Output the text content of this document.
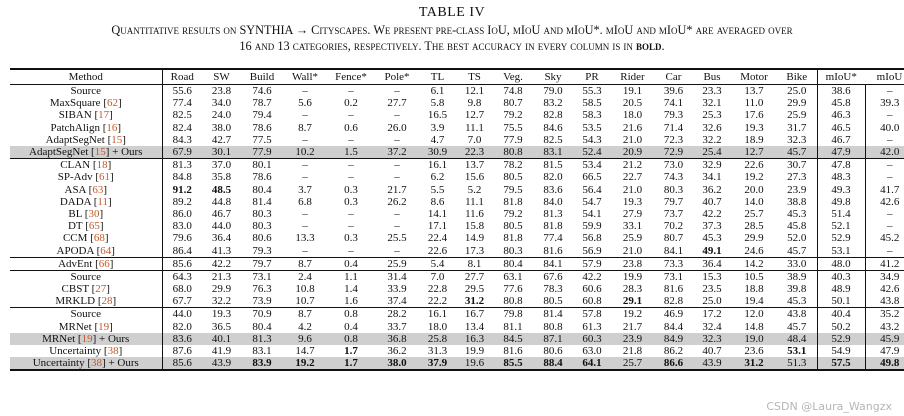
TABLE IV
Quantitative results on SYNTHIA → Cityscapes. We present pre-class IoU, mIoU and mIoU*. mIoU and mIoU* are averaged over
16 and 13 categories, respectively. The best accuracy in every column is in bold.
Method	Road	SW	Build	Wall*	Fence*	Pole*	TL	TS	Veg.	Sky	PR	Rider	Car	Bus	Motor	Bike	mIoU*	mIoU
Source	55.6	23.8	74.6	–	–	–	6.1	12.1	74.8	79.0	55.3	19.1	39.6	23.3	13.7	25.0	38.6	–
MaxSquare [62]	77.4	34.0	78.7	5.6	0.2	27.7	5.8	9.8	80.7	83.2	58.5	20.5	74.1	32.1	11.0	29.9	45.8	39.3
SIBAN [17]	82.5	24.0	79.4	–	–	–	16.5	12.7	79.2	82.8	58.3	18.0	79.3	25.3	17.6	25.9	46.3	–
PatchAlign [16]	82.4	38.0	78.6	8.7	0.6	26.0	3.9	11.1	75.5	84.6	53.5	21.6	71.4	32.6	19.3	31.7	46.5	40.0
AdaptSegNet [15]	84.3	42.7	77.5	–	–	–	4.7	7.0	77.9	82.5	54.3	21.0	72.3	32.2	18.9	32.3	46.7	–
AdaptSegNet [15] + Ours	67.9	30.1	77.9	10.2	1.5	37.2	30.9	22.3	80.8	83.1	52.4	20.9	72.9	25.4	12.7	45.7	47.9	42.0
CLAN [18]	81.3	37.0	80.1	–	–	–	16.1	13.7	78.2	81.5	53.4	21.2	73.0	32.9	22.6	30.7	47.8	–
SP-Adv [61]	84.8	35.8	78.6	–	–	–	6.2	15.6	80.5	82.0	66.5	22.7	74.3	34.1	19.2	27.3	48.3	–
ASA [63]	91.2	48.5	80.4	3.7	0.3	21.7	5.5	5.2	79.5	83.6	56.4	21.0	80.3	36.2	20.0	23.9	49.3	41.7
DADA [11]	89.2	44.8	81.4	6.8	0.3	26.2	8.6	11.1	81.8	84.0	54.7	19.3	79.7	40.7	14.0	38.8	49.8	42.6
BL [30]	86.0	46.7	80.3	–	–	–	14.1	11.6	79.2	81.3	54.1	27.9	73.7	42.2	25.7	45.3	51.4	–
DT [65]	83.0	44.0	80.3	–	–	–	17.1	15.8	80.5	81.8	59.9	33.1	70.2	37.3	28.5	45.8	52.1	–
CCM [68]	79.6	36.4	80.6	13.3	0.3	25.5	22.4	14.9	81.8	77.4	56.8	25.9	80.7	45.3	29.9	52.0	52.9	45.2
APODA [64]	86.4	41.3	79.3	–	–	–	22.6	17.3	80.3	81.6	56.9	21.0	84.1	49.1	24.6	45.7	53.1	–
AdvEnt [66]	85.6	42.2	79.7	8.7	0.4	25.9	5.4	8.1	80.4	84.1	57.9	23.8	73.3	36.4	14.2	33.0	48.0	41.2
Source	64.3	21.3	73.1	2.4	1.1	31.4	7.0	27.7	63.1	67.6	42.2	19.9	73.1	15.3	10.5	38.9	40.3	34.9
CBST [27]	68.0	29.9	76.3	10.8	1.4	33.9	22.8	29.5	77.6	78.3	60.6	28.3	81.6	23.5	18.8	39.8	48.9	42.6
MRKLD [28]	67.7	32.2	73.9	10.7	1.6	37.4	22.2	31.2	80.8	80.5	60.8	29.1	82.8	25.0	19.4	45.3	50.1	43.8
Source	44.0	19.3	70.9	8.7	0.8	28.2	16.1	16.7	79.8	81.4	57.8	19.2	46.9	17.2	12.0	43.8	40.4	35.2
MRNet [19]	82.0	36.5	80.4	4.2	0.4	33.7	18.0	13.4	81.1	80.8	61.3	21.7	84.4	32.4	14.8	45.7	50.2	43.2
MRNet [19] + Ours	83.6	40.1	81.3	9.6	0.8	36.8	25.8	16.3	84.5	87.1	60.3	23.9	84.9	32.3	19.0	48.4	52.9	45.9
Uncertainty [38]	87.6	41.9	83.1	14.7	1.7	36.2	31.3	19.9	81.6	80.6	63.0	21.8	86.2	40.7	23.6	53.1	54.9	47.9
Uncertainty [38] + Ours	85.6	43.9	83.9	19.2	1.7	38.0	37.9	19.6	85.5	88.4	64.1	25.7	86.6	43.9	31.2	51.3	57.5	49.8
CSDN @Laura_Wangzx
